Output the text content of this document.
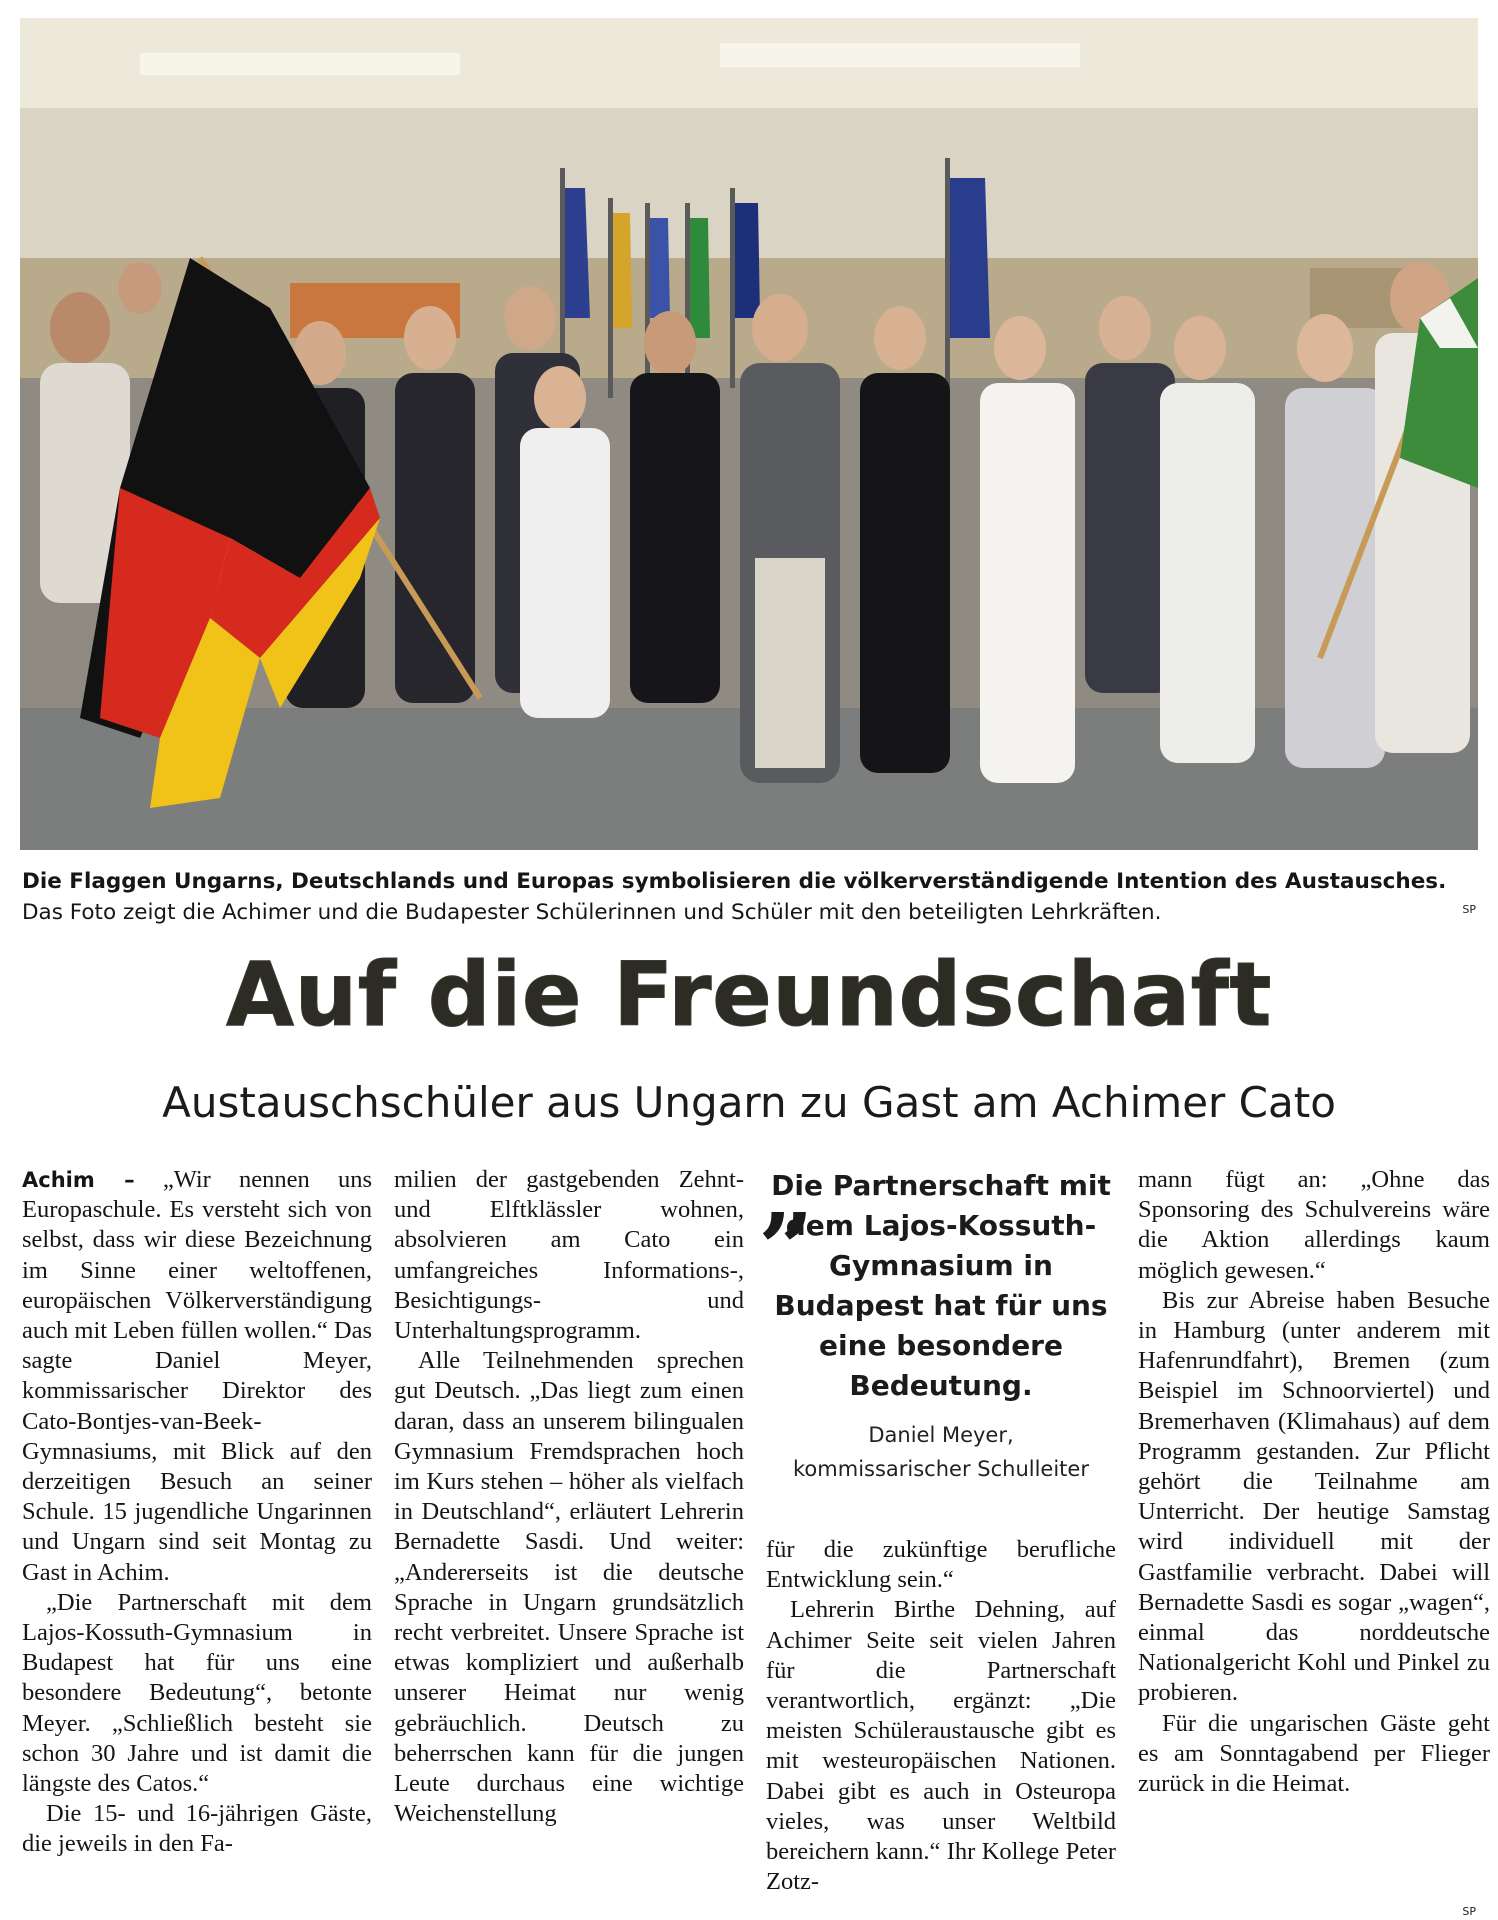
Die Flaggen Ungarns, Deutschlands und Europas symbolisieren die völkerverständigende Intention des Austausches. Das Foto zeigt die Achimer und die Budapester Schülerinnen und Schüler mit den beteiligten Lehrkräften.	SP
Auf die Freundschaft
Austauschschüler aus Ungarn zu Gast am Achimer Cato

Achim – „Wir nennen uns Europaschule. Es versteht sich von selbst, dass wir diese Bezeichnung im Sinne einer weltoffenen, europäischen Völkerverständigung auch mit Leben füllen wollen.“ Das sagte Daniel Meyer, kommissarischer Direktor des Cato-Bontjes-van-Beek-Gymnasiums, mit Blick auf den derzeitigen Besuch an seiner Schule. 15 jugendliche Ungarinnen und Ungarn sind seit Montag zu Gast in Achim.

„Die Partnerschaft mit dem Lajos-Kossuth-Gymnasium in Budapest hat für uns eine besondere Bedeutung“, betonte Meyer. „Schließlich besteht sie schon 30 Jahre und ist damit die längste des Catos.“

Die 15- und 16-jährigen Gäste, die jeweils in den Fa-

milien der gastgebenden Zehnt- und Elftklässler wohnen, absolvieren am Cato ein umfangreiches Informations-, Besichtigungs- und Unterhaltungsprogramm.

Alle Teilnehmenden sprechen gut Deutsch. „Das liegt zum einen daran, dass an unserem bilingualen Gymnasium Fremdsprachen hoch im Kurs stehen – höher als vielfach in Deutschland“, erläutert Lehrerin Bernadette Sasdi. Und weiter: „Andererseits ist die deutsche Sprache in Ungarn grundsätzlich recht verbreitet. Unsere Sprache ist etwas kompliziert und außerhalb unserer Heimat nur wenig gebräuchlich. Deutsch zu beherrschen kann für die jungen Leute durchaus eine wichtige Weichenstellung

„
Die Partnerschaft mit dem Lajos-Kossuth-Gymnasium in Budapest hat für uns eine besondere Bedeutung.
Daniel Meyer,
kommissarischer Schulleiter

für die zukünftige berufliche Entwicklung sein.“

Lehrerin Birthe Dehning, auf Achimer Seite seit vielen Jahren für die Partnerschaft verantwortlich, ergänzt: „Die meisten Schüleraustausche gibt es mit westeuropäischen Nationen. Dabei gibt es auch in Osteuropa vieles, was unser Weltbild bereichern kann.“ Ihr Kollege Peter Zotz-

mann fügt an: „Ohne das Sponsoring des Schulvereins wäre die Aktion allerdings kaum möglich gewesen.“

Bis zur Abreise haben Besuche in Hamburg (unter anderem mit Hafenrundfahrt), Bremen (zum Beispiel im Schnoorviertel) und Bremerhaven (Klimahaus) auf dem Programm gestanden. Zur Pflicht gehört die Teilnahme am Unterricht. Der heutige Samstag wird individuell mit der Gastfamilie verbracht. Dabei will Bernadette Sasdi es sogar „wagen“, einmal das norddeutsche Nationalgericht Kohl und Pinkel zu probieren.

Für die ungarischen Gäste geht es am Sonntagabend per Flieger zurück in die Heimat.

SP
